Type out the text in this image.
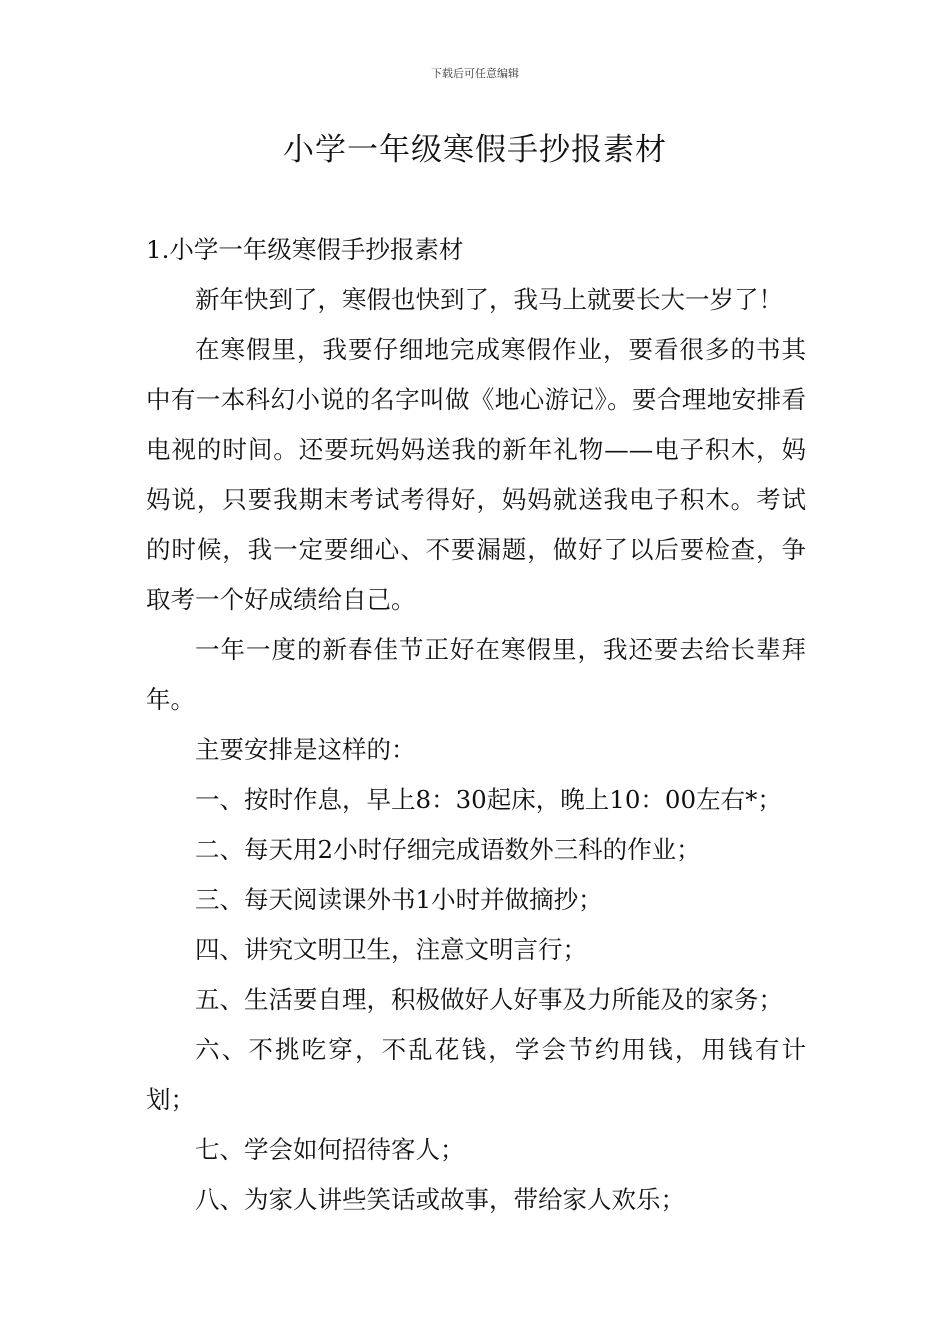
下载后可任意编辑
小学一年级寒假手抄报素材

1.小学一年级寒假手抄报素材

新年快到了，寒假也快到了，我马上就要长大一岁了！

在寒假里，我要仔细地完成寒假作业，要看很多的书其中有一本科幻小说的名字叫做《地心游记》。要合理地安排看电视的时间。还要玩妈妈送我的新年礼物——电子积木，妈妈说，只要我期末考试考得好，妈妈就送我电子积木。考试的时候，我一定要细心、不要漏题，做好了以后要检查，争取考一个好成绩给自己。

一年一度的新春佳节正好在寒假里，我还要去给长辈拜年。

主要安排是这样的：

一、按时作息，早上8：30起床，晚上10：00左右*；

二、每天用2小时仔细完成语数外三科的作业；

三、每天阅读课外书1小时并做摘抄；

四、讲究文明卫生，注意文明言行；

五、生活要自理，积极做好人好事及力所能及的家务；

六、不挑吃穿，不乱花钱，学会节约用钱，用钱有计划；

七、学会如何招待客人；

八、为家人讲些笑话或故事，带给家人欢乐；
